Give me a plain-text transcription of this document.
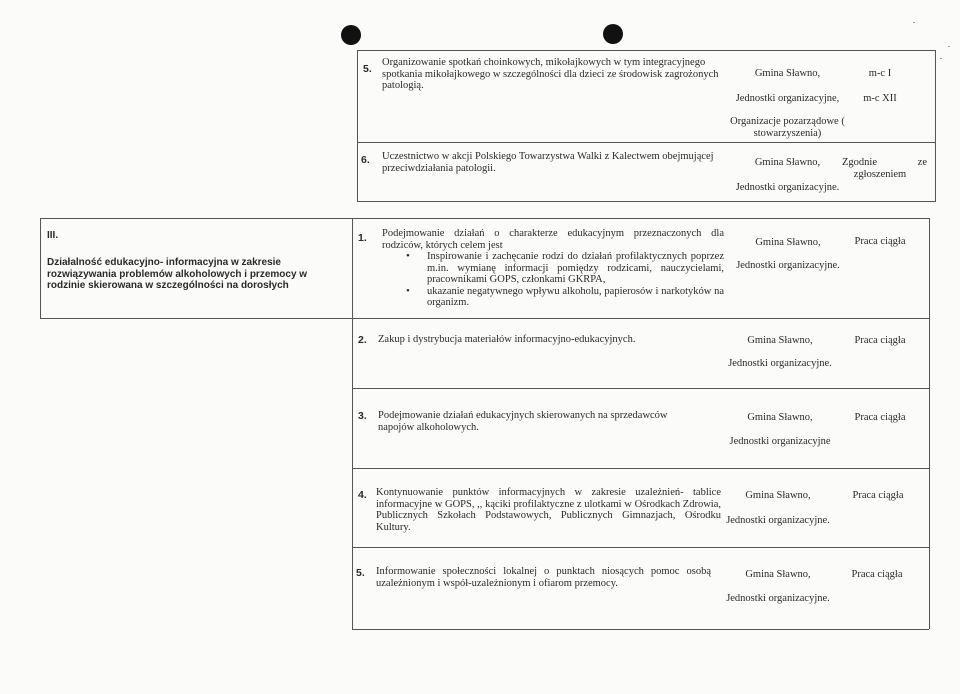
5.
Organizowanie spotkań choinkowych, mikołajkowych w tym integracyjnego spotkania mikołajkowego w szczególności dla dzieci ze środowisk zagrożonych patologią.
Gmina Sławno,
Jednostki organizacyjne,
Organizacje pozarządowe ( stowarzyszenia)
m-c I
m-c XII
6. Uczestnictwo w akcji Polskiego Towarzystwa Walki z Kalectwem obejmującej przeciwdziałania patologii.	Gmina Sławno,
Jednostki organizacyjne.
Zgodnie ze
zgłoszeniem
III.
Działalność edukacyjno- informacyjna w zakresie rozwiązywania problemów alkoholowych i przemocy w rodzinie skierowana w szczególności na dorosłych
1. Podejmowanie działań o charakterze edukacyjnym przeznaczonych dla rodziców, których celem jest
• Inspirowanie i zachęcanie rodzi do działań profilaktycznych poprzez m.in. wymianę informacji pomiędzy rodzicami, nauczycielami, pracownikami GOPS, członkami GKRPA,
• ukazanie negatywnego wpływu alkoholu, papierosów i narkotyków na organizm.
Gmina Sławno,
Jednostki organizacyjne.
Praca ciągła
2. Zakup i dystrybucja materiałów informacyjno-edukacyjnych.	Gmina Sławno,
Jednostki organizacyjne.
Praca ciągła
3. Podejmowanie działań edukacyjnych skierowanych na sprzedawców napojów alkoholowych.
Gmina Sławno,
Jednostki organizacyjne
Praca ciągła
4. Kontynuowanie punktów informacyjnych w zakresie uzależnień- tablice informacyjne w GOPS, ,, kąciki profilaktyczne z ulotkami w Ośrodkach Zdrowia, Publicznych Szkołach Podstawowych, Publicznych Gimnazjach, Ośrodku Kultury.
Gmina Sławno,
Jednostki organizacyjne.
Praca ciągła
5. Informowanie społeczności lokalnej o punktach niosących pomoc osobą uzależnionym i współ-uzależnionym i ofiarom przemocy.
Gmina Sławno,
Jednostki organizacyjne.
Praca ciągła
